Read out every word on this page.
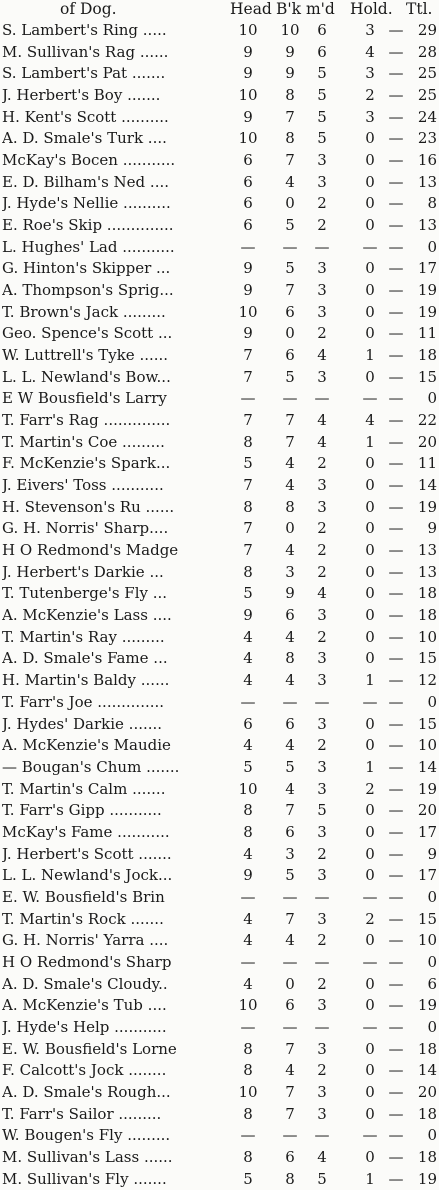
of Dog.	Head B'k m'd Hold. Ttl.
S. Lambert's Ring .....	10 10	6	3 — 29
M. Sullivan's Rag ......	9	9	6	4 — 28
S. Lambert's Pat .......	9	9	5	3 — 25
J. Herbert's Boy .......	10	8	5	2 — 25
H. Kent's Scott ..........	9	7	5	3 — 24
A. D. Smale's Turk ....	10	8	5	0 — 23
McKay's Bocen ...........	6	7	3	0 — 16
E. D. Bilham's Ned ....	6	4	3	0 — 13
J. Hyde's Nellie ..........	6	0	2	0 —	8
E. Roe's Skip ..............	6	5	2	0 — 13
L. Hughes' Lad ...........	—	—	—	— —	0
G. Hinton's Skipper ...	9	5	3	0 — 17
A. Thompson's Sprig...	9	7	3	0 — 19
T. Brown's Jack .........	10	6	3	0 — 19
Geo. Spence's Scott ...	9	0	2	0 — 11
W. Luttrell's Tyke ......	7	6	4	1 — 18
L. L. Newland's Bow...	7	5	3	0 — 15
E W Bousfield's Larry	—	—	—	— —	0
T. Farr's Rag ..............	7	7	4	4 — 22
T. Martin's Coe .........	8	7	4	1 — 20
F. McKenzie's Spark...	5	4	2	0 — 11
J. Eivers' Toss ...........	7	4	3	0 — 14
H. Stevenson's Ru ......	8	8	3	0 — 19
G. H. Norris' Sharp....	7	0	2	0 —	9
H O Redmond's Madge	7	4	2	0 — 13
J. Herbert's Darkie ...	8	3	2	0 — 13
T. Tutenberge's Fly ...	5	9	4	0 — 18
A. McKenzie's Lass ....	9	6	3	0 — 18
T. Martin's Ray .........	4	4	2	0 — 10
A. D. Smale's Fame ...	4	8	3	0 — 15
H. Martin's Baldy ......	4	4	3	1 — 12
T. Farr's Joe ..............	—	—	—	— —	0
J. Hydes' Darkie .......	6	6	3	0 — 15
A. McKenzie's Maudie	4	4	2	0 — 10
— Bougan's Chum .......	5	5	3	1 — 14
T. Martin's Calm .......	10	4	3	2 — 19
T. Farr's Gipp ...........	8	7	5	0 — 20
McKay's Fame ...........	8	6	3	0 — 17
J. Herbert's Scott .......	4	3	2	0 —	9
L. L. Newland's Jock...	9	5	3	0 — 17
E. W. Bousfield's Brin	—	—	—	— —	0
T. Martin's Rock .......	4	7	3	2 — 15
G. H. Norris' Yarra ....	4	4	2	0 — 10
H O Redmond's Sharp	—	—	—	— —	0
A. D. Smale's Cloudy..	4	0	2	0 —	6
A. McKenzie's Tub ....	10	6	3	0 — 19
J. Hyde's Help ...........	—	—	—	— —	0
E. W. Bousfield's Lorne	8	7	3	0 — 18
F. Calcott's Jock ........	8	4	2	0 — 14
A. D. Smale's Rough...	10	7	3	0 — 20
T. Farr's Sailor .........	8	7	3	0 — 18
W. Bougen's Fly .........	—	—	—	— —	0
M. Sullivan's Lass ......	8	6	4	0 — 18
M. Sullivan's Fly .......	5	8	5	1 — 19
